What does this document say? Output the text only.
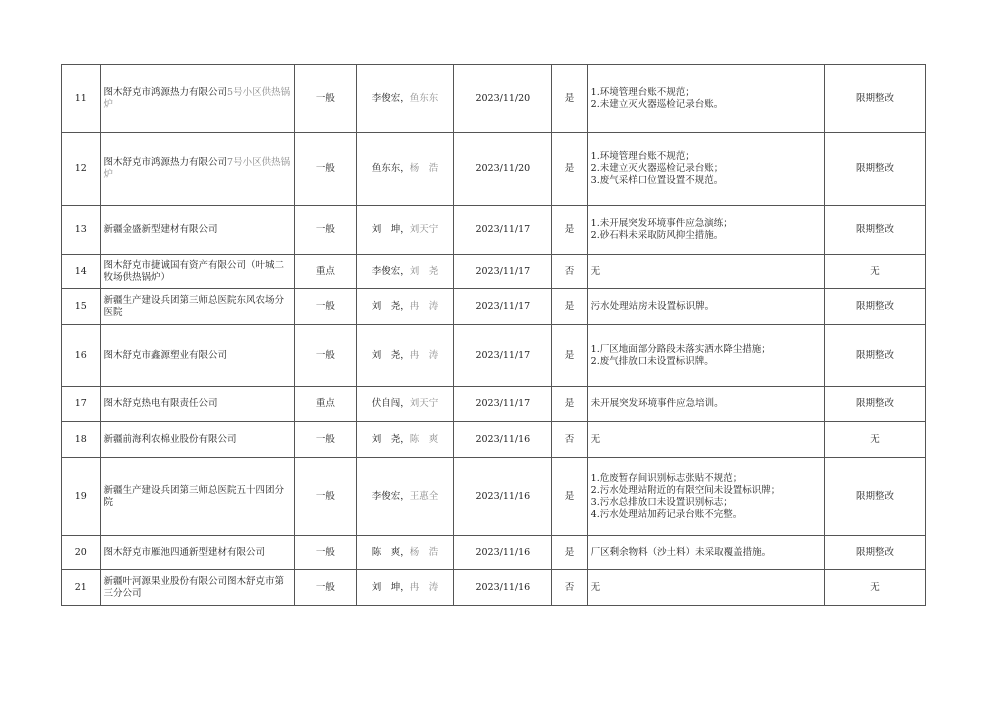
11	图木舒克市鸿源热力有限公司5号小区供热锅炉	一般	李俊宏，鱼东东	2023/11/20	是	1.环境管理台账不规范；
2.未建立灭火器巡检记录台账。	限期整改
12	图木舒克市鸿源热力有限公司7号小区供热锅炉	一般	鱼东东，杨　浩	2023/11/20	是	1.环境管理台账不规范；
2.未建立灭火器巡检记录台账；
3.废气采样口位置设置不规范。	限期整改
13	新疆金盛新型建材有限公司	一般	刘　坤，刘天宁	2023/11/17	是	1.未开展突发环境事件应急演练；
2.砂石料未采取防风抑尘措施。	限期整改
14	图木舒克市捷诚国有资产有限公司（叶城二牧场供热锅炉）	重点	李俊宏，刘　尧	2023/11/17	否	无	无
15	新疆生产建设兵团第三师总医院东风农场分医院	一般	刘　尧，冉　涛	2023/11/17	是	污水处理站房未设置标识牌。	限期整改
16	图木舒克市鑫源塑业有限公司	一般	刘　尧，冉　涛	2023/11/17	是	1.厂区地面部分路段未落实洒水降尘措施；
2.废气排放口未设置标识牌。	限期整改
17	图木舒克热电有限责任公司	重点	伏自闯，刘天宁	2023/11/17	是	未开展突发环境事件应急培训。	限期整改
18	新疆前海利农棉业股份有限公司	一般	刘　尧，陈　爽	2023/11/16	否	无	无
19	新疆生产建设兵团第三师总医院五十四团分院	一般	李俊宏，王惠全	2023/11/16	是	1.危废暂存间识别标志张贴不规范；
2.污水处理站附近的有限空间未设置标识牌；
3.污水总排放口未设置识别标志；
4.污水处理站加药记录台账不完整。	限期整改
20	图木舒克市雁池四通新型建材有限公司	一般	陈　爽，杨　浩	2023/11/16	是	厂区剩余物料（沙土料）未采取覆盖措施。	限期整改
21	新疆叶河源果业股份有限公司图木舒克市第三分公司	一般	刘　坤，冉　涛	2023/11/16	否	无	无
